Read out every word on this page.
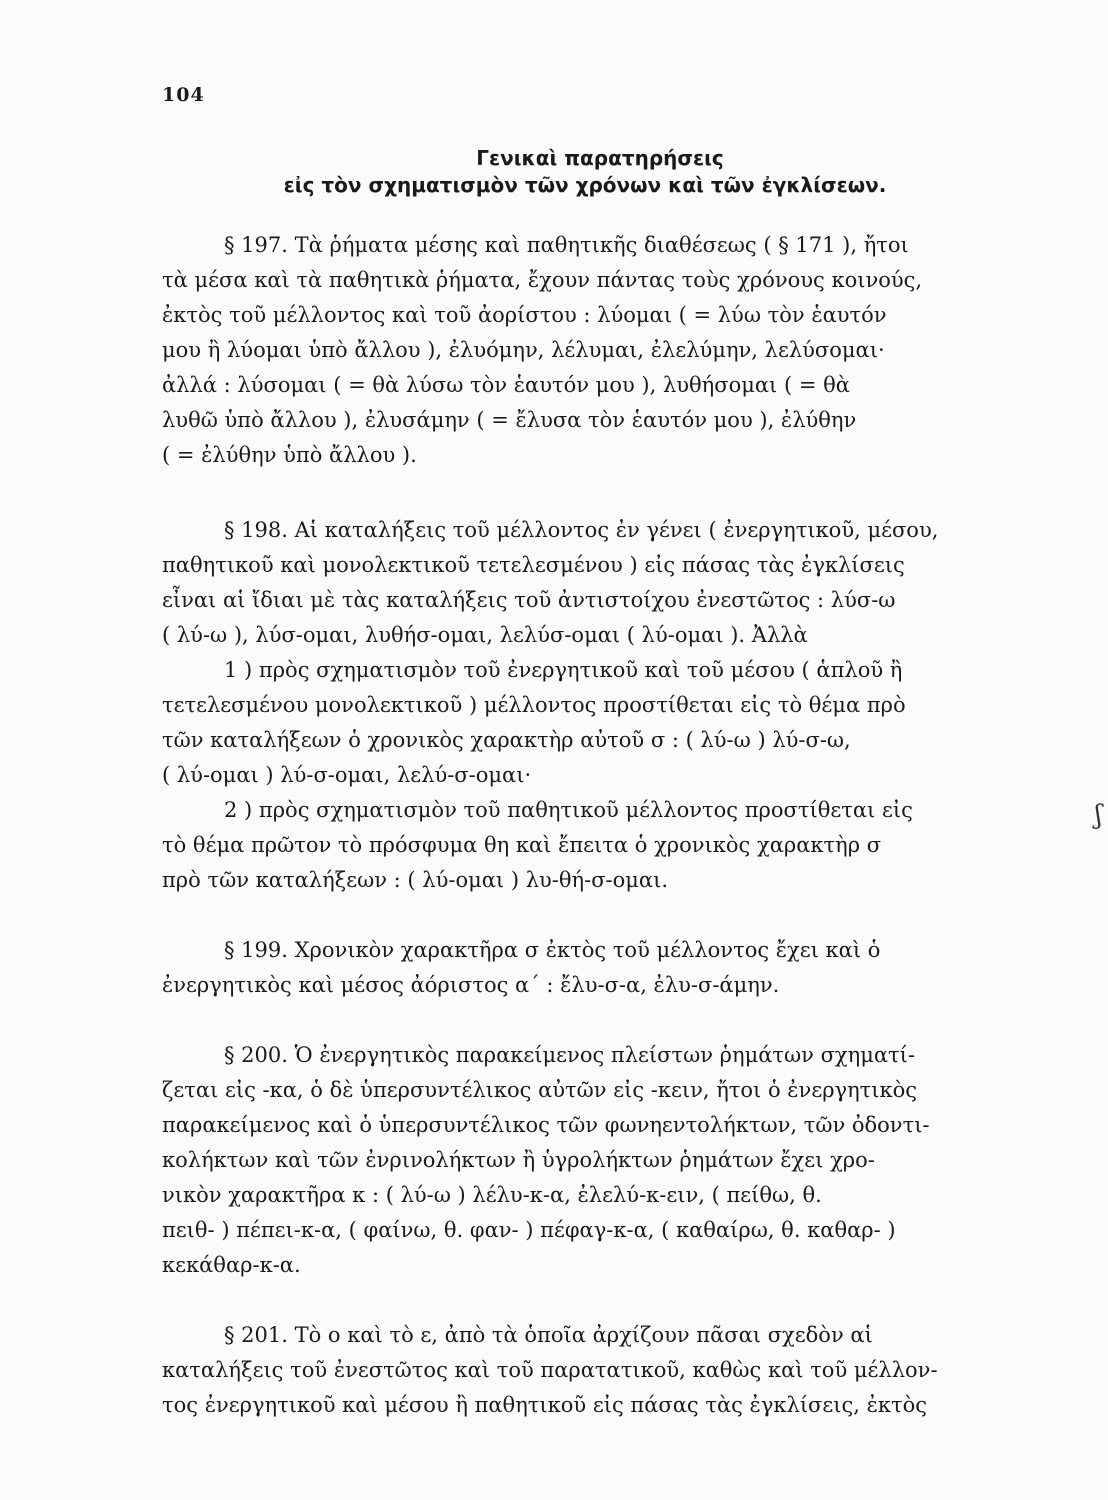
104
Γενικαὶ παρατηρήσεις
εἰς τὸν σχηματισμὸν τῶν χρόνων καὶ τῶν ἐγκλίσεων.
§ 197. Τὰ ῥήματα μέσης καὶ παθητικῆς διαθέσεως ( § 171 ), ἤτοι
τὰ μέσα καὶ τὰ παθητικὰ ῥήματα, ἔχουν πάντας τοὺς χρόνους κοινούς,
ἐκτὸς τοῦ μέλλοντος καὶ τοῦ ἀορίστου : λύομαι ( = λύω τὸν ἑαυτόν
μου ἢ λύομαι ὑπὸ ἄλλου ), ἐλυόμην, λέλυμαι, ἐλελύμην, λελύσομαι·
ἀλλά : λύσομαι ( = θὰ λύσω τὸν ἑαυτόν μου ), λυθήσομαι ( = θὰ
λυθῶ ὑπὸ ἄλλου ), ἐλυσάμην ( = ἔλυσα τὸν ἑαυτόν μου ), ἐλύθην
( = ἐλύθην ὑπὸ ἄλλου ).
§ 198. Αἱ καταλήξεις τοῦ μέλλοντος ἐν γένει ( ἐνεργητικοῦ, μέσου,
παθητικοῦ καὶ μονολεκτικοῦ τετελεσμένου ) εἰς πάσας τὰς ἐγκλίσεις
εἶναι αἱ ἴδιαι μὲ τὰς καταλήξεις τοῦ ἀντιστοίχου ἐνεστῶτος : λύσ-ω
( λύ-ω ), λύσ-ομαι, λυθήσ-ομαι, λελύσ-ομαι ( λύ-ομαι ). Ἀλλὰ
1 ) πρὸς σχηματισμὸν τοῦ ἐνεργητικοῦ καὶ τοῦ μέσου ( ἁπλοῦ ἢ
τετελεσμένου μονολεκτικοῦ ) μέλλοντος προστίθεται εἰς τὸ θέμα πρὸ
τῶν καταλήξεων ὁ χρονικὸς χαρακτὴρ αὐτοῦ σ : ( λύ-ω ) λύ-σ-ω,
( λύ-ομαι ) λύ-σ-ομαι, λελύ-σ-ομαι·
2 ) πρὸς σχηματισμὸν τοῦ παθητικοῦ μέλλοντος προστίθεται εἰς
τὸ θέμα πρῶτον τὸ πρόσφυμα θη καὶ ἔπειτα ὁ χρονικὸς χαρακτὴρ σ
πρὸ τῶν καταλήξεων : ( λύ-ομαι ) λυ-θή-σ-ομαι.
§ 199. Χρονικὸν χαρακτῆρα σ ἐκτὸς τοῦ μέλλοντος ἔχει καὶ ὁ
ἐνεργητικὸς καὶ μέσος ἀόριστος α΄ : ἔλυ-σ-α, ἐλυ-σ-άμην.
§ 200. Ὁ ἐνεργητικὸς παρακείμενος πλείστων ῥημάτων σχηματί-
ζεται εἰς -κα, ὁ δὲ ὑπερσυντέλικος αὐτῶν εἰς -κειν, ἤτοι ὁ ἐνεργητικὸς
παρακείμενος καὶ ὁ ὑπερσυντέλικος τῶν φωνηεντολήκτων, τῶν ὀδοντι-
κολήκτων καὶ τῶν ἐνρινολήκτων ἢ ὑγρολήκτων ῥημάτων ἔχει χρο-
νικὸν χαρακτῆρα κ : ( λύ-ω ) λέλυ-κ-α, ἐλελύ-κ-ειν, ( πείθω, θ.
πειθ- ) πέπει-κ-α, ( φαίνω, θ. φαν- ) πέφαγ-κ-α, ( καθαίρω, θ. καθαρ- )
κεκάθαρ-κ-α.
§ 201. Τὸ ο καὶ τὸ ε, ἀπὸ τὰ ὁποῖα ἀρχίζουν πᾶσαι σχεδὸν αἱ
καταλήξεις τοῦ ἐνεστῶτος καὶ τοῦ παρατατικοῦ, καθὼς καὶ τοῦ μέλλον-
τος ἐνεργητικοῦ καὶ μέσου ἢ παθητικοῦ εἰς πάσας τὰς ἐγκλίσεις, ἐκτὸς
ʃ
